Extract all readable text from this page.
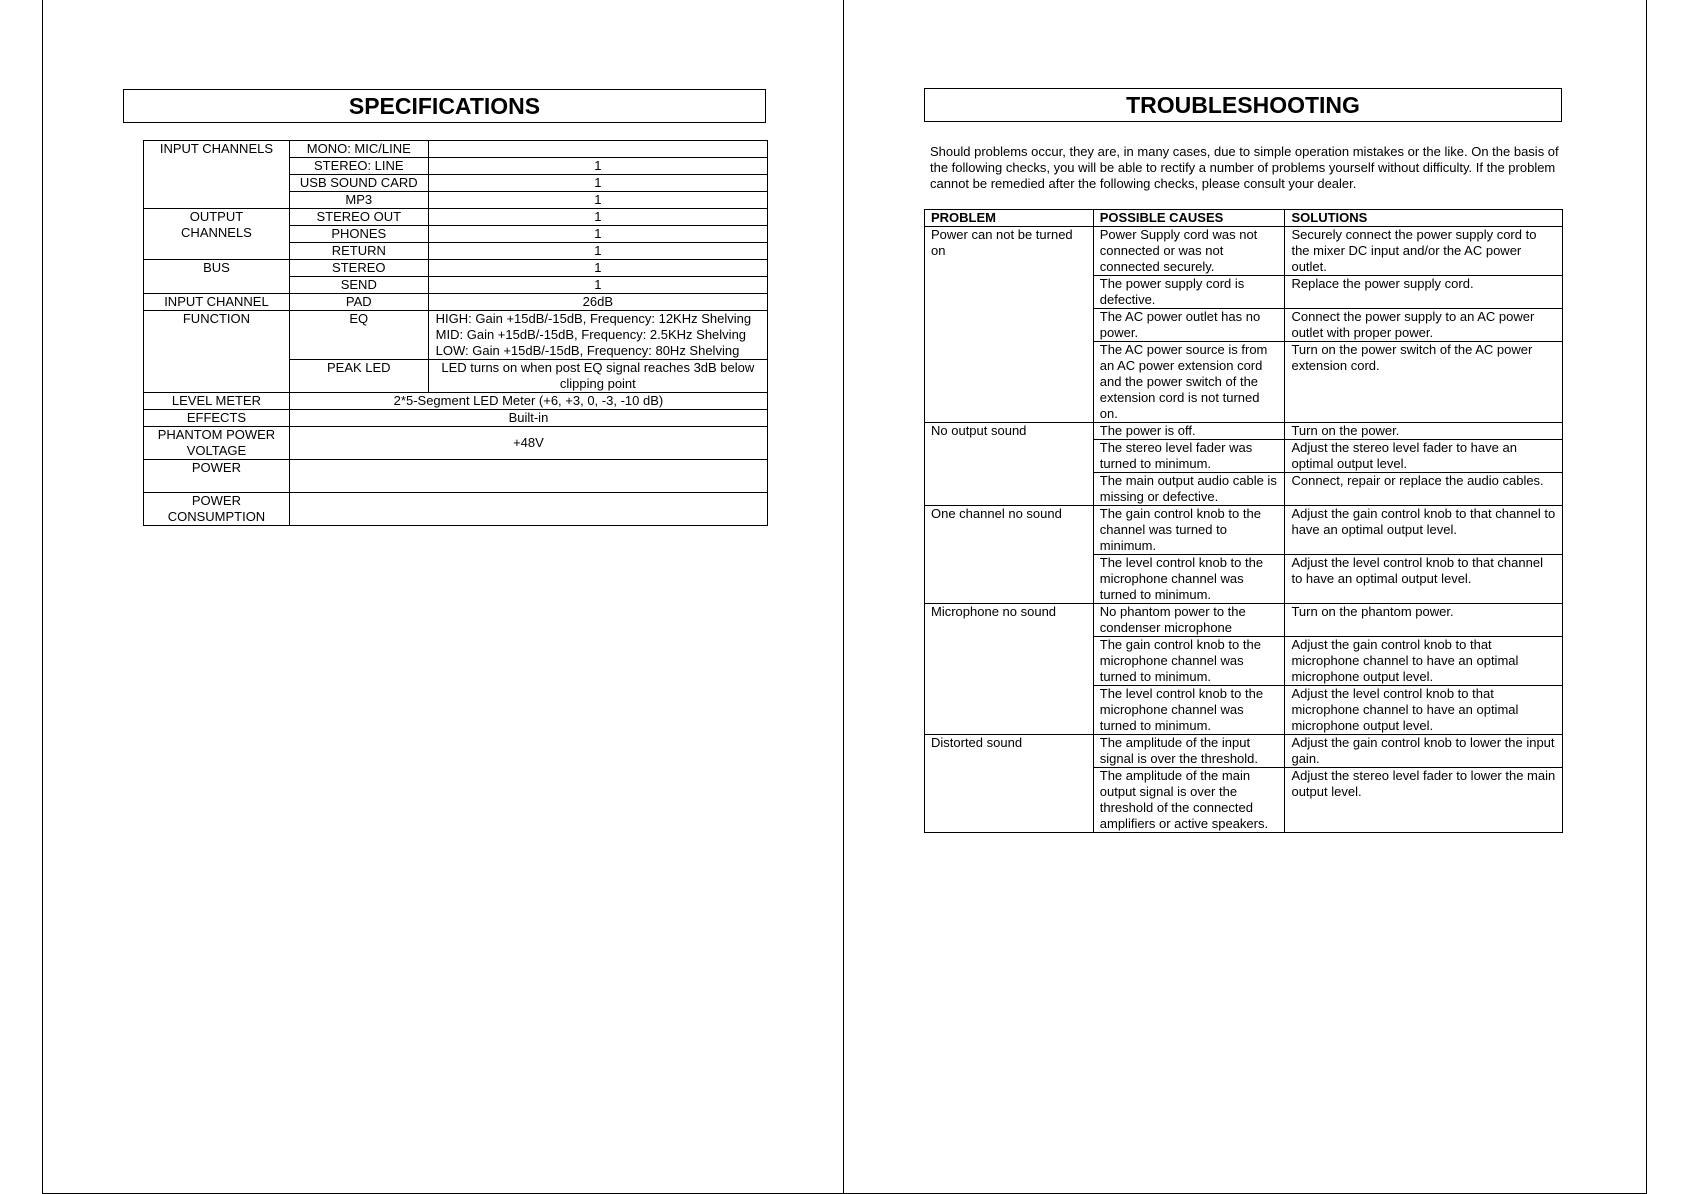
SPECIFICATIONS
INPUT CHANNELS	MONO: MIC/LINE	
	STEREO: LINE	1
	USB SOUND CARD	1
	MP3	1
OUTPUT CHANNELS	STEREO OUT	1
	PHONES	1
	RETURN	1
BUS	STEREO	1
	SEND	1
INPUT CHANNEL	PAD	26dB
FUNCTION	EQ	HIGH: Gain +15dB/-15dB, Frequency: 12KHz Shelving
MID: Gain +15dB/-15dB, Frequency: 2.5KHz Shelving
LOW: Gain +15dB/-15dB, Frequency: 80Hz Shelving

	PEAK LED	LED turns on when post EQ signal reaches 3dB below clipping point
LEVEL METER	2*5-Segment LED Meter (+6, +3, 0, -3, -10 dB)	
EFFECTS	Built-in	
PHANTOM POWER VOLTAGE	+48V	
POWER		
POWER CONSUMPTION		
TROUBLESHOOTING
Should problems occur, they are, in many cases, due to simple operation mistakes or the like. On the basis of the following checks, you will be able to rectify a number of problems yourself without difficulty. If the problem cannot be remedied after the following checks, please consult your dealer.
PROBLEM	POSSIBLE CAUSES	SOLUTIONS
Power can not be turned on	Power Supply cord was not connected or was not connected securely.	Securely connect the power supply cord to the mixer DC input and/or the AC power outlet.
	The power supply cord is defective.	Replace the power supply cord.
	The AC power outlet has no power.	Connect the power supply to an AC power outlet with proper power.
	The AC power source is from an AC power extension cord and the power switch of the extension cord is not turned on.	Turn on the power switch of the AC power extension cord.
No output sound	The power is off.	Turn on the power.
	The stereo level fader was turned to minimum.	Adjust the stereo level fader to have an optimal output level.
	The main output audio cable is missing or defective.	Connect, repair or replace the audio cables.
One channel no sound	The gain control knob to the channel was turned to minimum.	Adjust the gain control knob to that channel to have an optimal output level.
	The level control knob to the microphone channel was turned to minimum.	Adjust the level control knob to that channel to have an optimal output level.
Microphone no sound	No phantom power to the condenser microphone	Turn on the phantom power.
	The gain control knob to the microphone channel was turned to minimum.	Adjust the gain control knob to that microphone channel to have an optimal microphone output level.
	The level control knob to the microphone channel was turned to minimum.	Adjust the level control knob to that microphone channel to have an optimal microphone output level.
Distorted sound	The amplitude of the input signal is over the threshold.	Adjust the gain control knob to lower the input gain.
	The amplitude of the main output signal is over the threshold of the connected amplifiers or active speakers.	Adjust the stereo level fader to lower the main output level.
